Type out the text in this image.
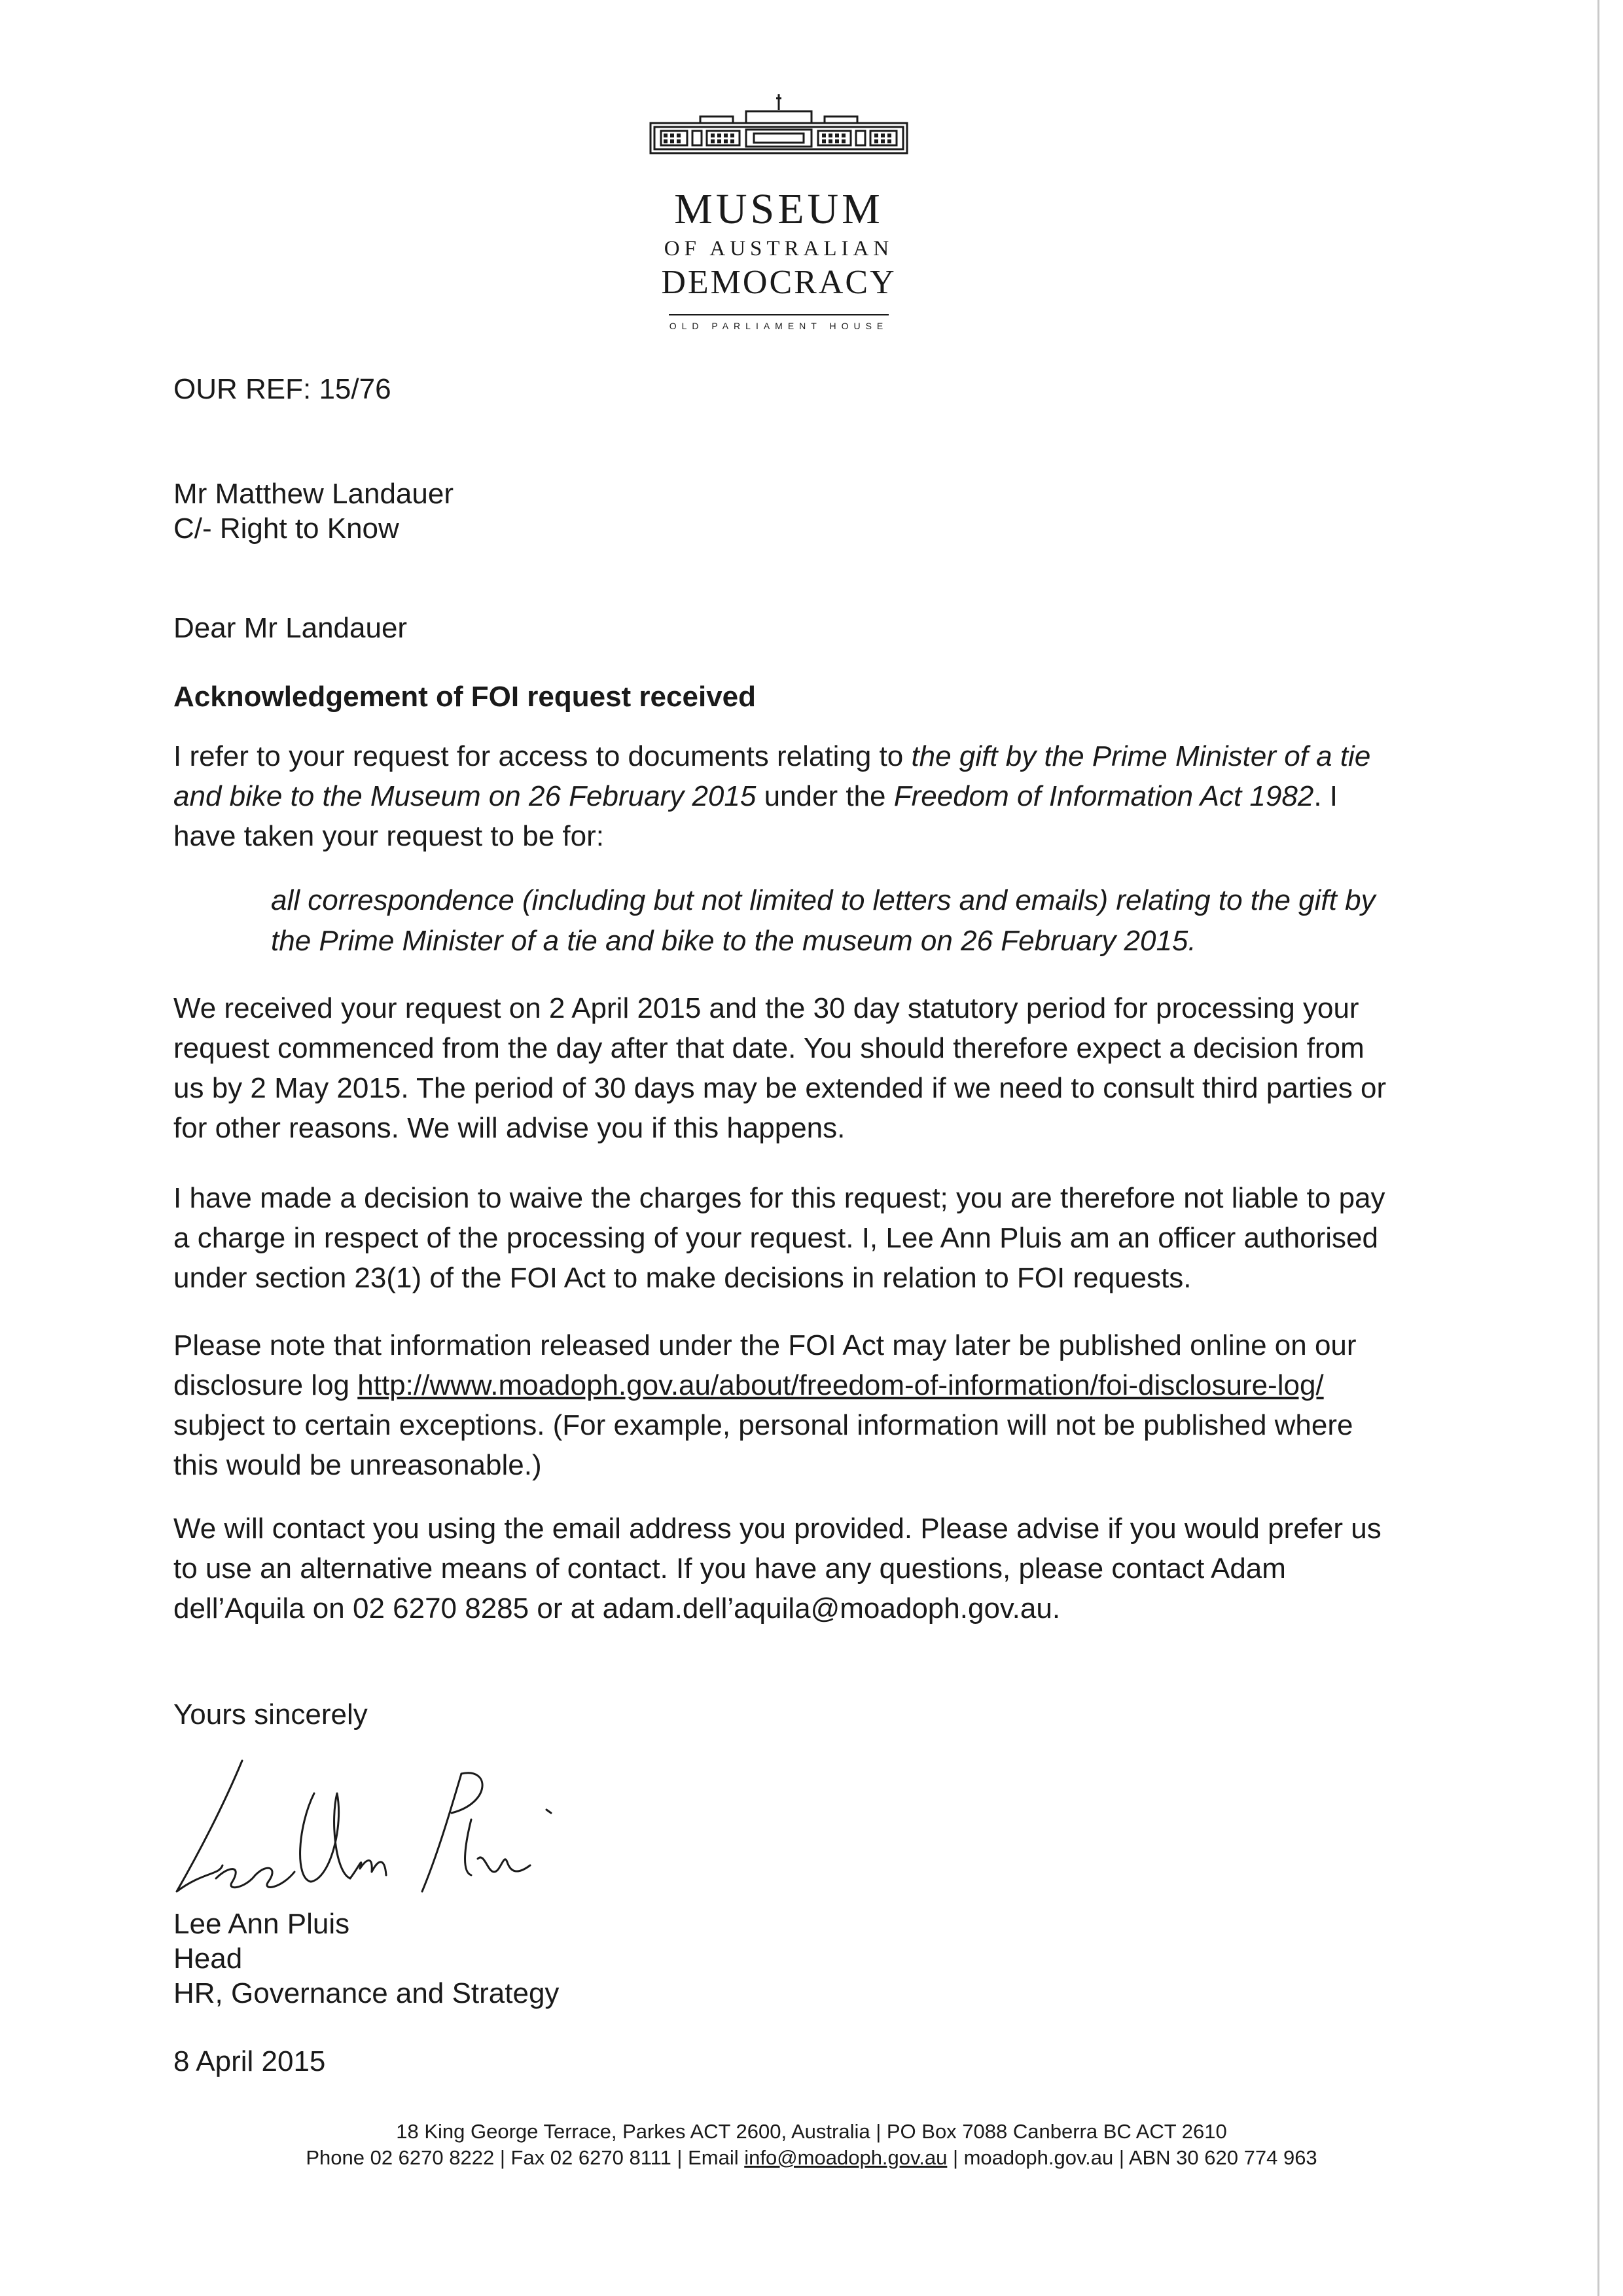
MUSEUM
OF AUSTRALIAN
DEMOCRACY
OLD PARLIAMENT HOUSE
OUR REF: 15/76
Mr Matthew Landauer
C/- Right to Know
Dear Mr Landauer
Acknowledgement of FOI request received

I refer to your request for access to documents relating to the gift by the Prime Minister of a tie and bike to the Museum on 26 February 2015 under the Freedom of Information Act 1982. I have taken your request to be for:

all correspondence (including but not limited to letters and emails) relating to the gift by the Prime Minister of a tie and bike to the museum on 26 February 2015.
We received your request on 2 April 2015 and the 30 day statutory period for processing your request commenced from the day after that date. You should therefore expect a decision from us by 2 May 2015. The period of 30 days may be extended if we need to consult third parties or for other reasons. We will advise you if this happens.
I have made a decision to waive the charges for this request; you are therefore not liable to pay a charge in respect of the processing of your request. I, Lee Ann Pluis am an officer authorised under section 23(1) of the FOI Act to make decisions in relation to FOI requests.

Please note that information released under the FOI Act may later be published online on our disclosure log http://www.moadoph.gov.au/about/freedom-of-information/foi-disclosure-log/ subject to certain exceptions. (For example, personal information will not be published where this would be unreasonable.)

We will contact you using the email address you provided. Please advise if you would prefer us to use an alternative means of contact. If you have any questions, please contact Adam dell’Aquila on 02 6270 8285 or at adam.dell’aquila@moadoph.gov.au.
Yours sincerely
Lee Ann Pluis
Head
HR, Governance and Strategy
8 April 2015
18 King George Terrace, Parkes ACT 2600, Australia | PO Box 7088 Canberra BC ACT 2610
Phone 02 6270 8222 | Fax 02 6270 8111 | Email info@moadoph.gov.au | moadoph.gov.au | ABN 30 620 774 963
